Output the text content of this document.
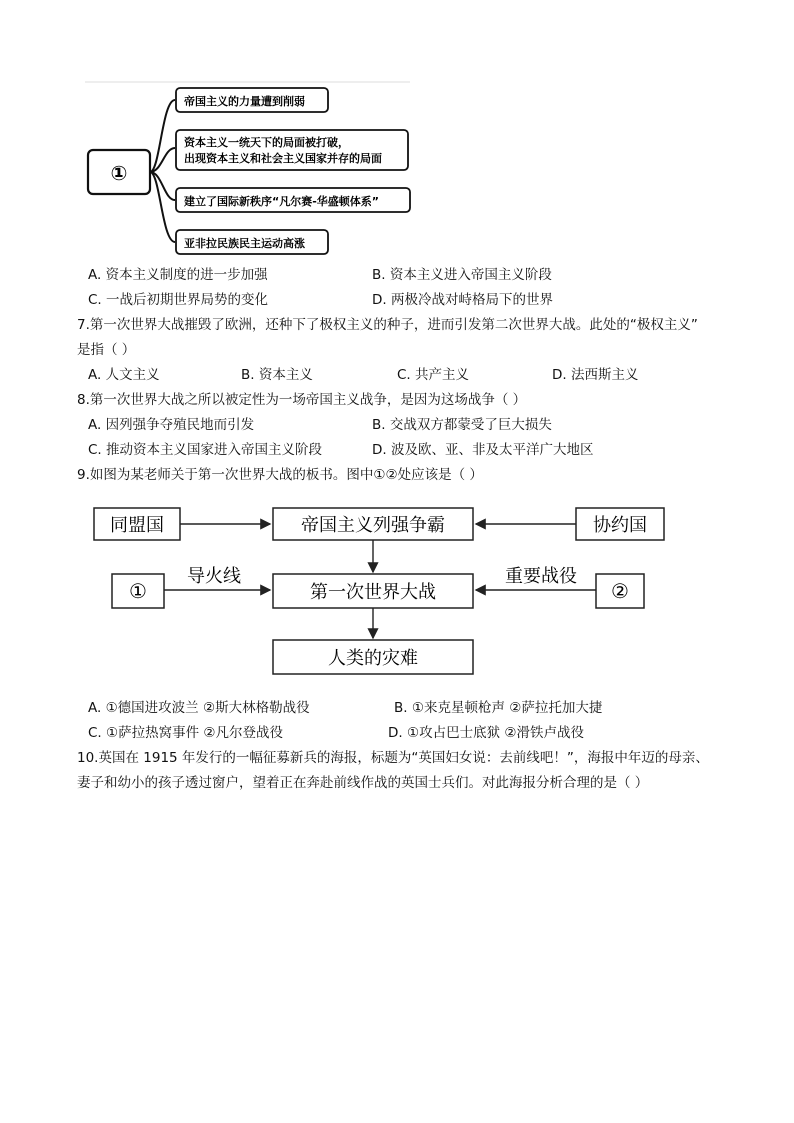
①
帝国主义的力量遭到削弱
资本主义一统天下的局面被打破，
出现资本主义和社会主义国家并存的局面
建立了国际新秩序“凡尔赛-华盛顿体系”
亚非拉民族民主运动高涨
A. 资本主义制度的进一步加强	B. 资本主义进入帝国主义阶段
C. 一战后初期世界局势的变化	D. 两极冷战对峙格局下的世界
7.第一次世界大战摧毁了欧洲，还种下了极权主义的种子，进而引发第二次世界大战。此处的“极权主义”
是指（ ）
A. 人文主义	B. 资本主义	C. 共产主义	D. 法西斯主义
8.第一次世界大战之所以被定性为一场帝国主义战争，是因为这场战争（ ）
A. 因列强争夺殖民地而引发	B. 交战双方都蒙受了巨大损失
C. 推动资本主义国家进入帝国主义阶段	D. 波及欧、亚、非及太平洋广大地区
9.如图为某老师关于第一次世界大战的板书。图中①②处应该是（ ）
同盟国	帝国主义列强争霸	协约国
①
导火线
第一次世界大战
重要战役
②
人类的灾难
A. ①德国进攻波兰 ②斯大林格勒战役	B. ①来克星顿枪声 ②萨拉托加大捷
C. ①萨拉热窝事件 ②凡尔登战役	D. ①攻占巴士底狱 ②滑铁卢战役
10.英国在 1915 年发行的一幅征募新兵的海报，标题为“英国妇女说：去前线吧！”，海报中年迈的母亲、
妻子和幼小的孩子透过窗户，望着正在奔赴前线作战的英国士兵们。对此海报分析合理的是（ ）
